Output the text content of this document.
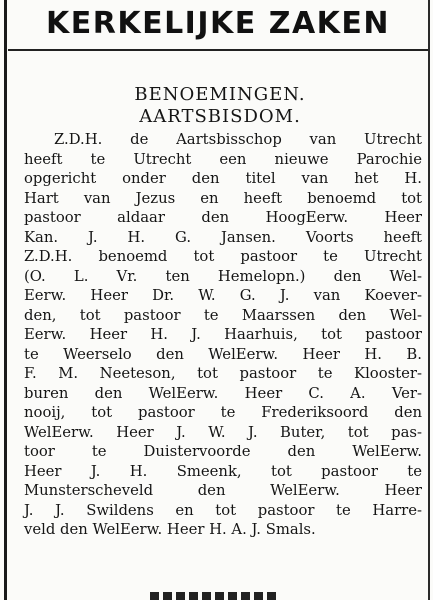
KERKELIJKE ZAKEN

BENOEMINGEN.

AARTSBISDOM.

Z.D.H. de Aartsbisschop van Utrecht
heeft te Utrecht een nieuwe Parochie
opgericht onder den titel van het H.
Hart van Jezus en heeft benoemd tot
pastoor aldaar den HoogEerw. Heer
Kan. J. H. G. Jansen. Voorts heeft
Z.D.H. benoemd tot pastoor te Utrecht
(O. L. Vr. ten Hemelopn.) den Wel-
Eerw. Heer Dr. W. G. J. van Koever-
den, tot pastoor te Maarssen den Wel-
Eerw. Heer H. J. Haarhuis, tot pastoor
te Weerselo den WelEerw. Heer H. B.
F. M. Neeteson, tot pastoor te Klooster-
buren den WelEerw. Heer C. A. Ver-
nooij, tot pastoor te Frederiksoord den
WelEerw. Heer J. W. J. Buter, tot pas-
toor te Duistervoorde den WelEerw.
Heer J. H. Smeenk, tot pastoor te
Munsterscheveld den WelEerw. Heer
J. J. Swildens en tot pastoor te Harre-
veld den WelEerw. Heer H. A. J. Smals.
